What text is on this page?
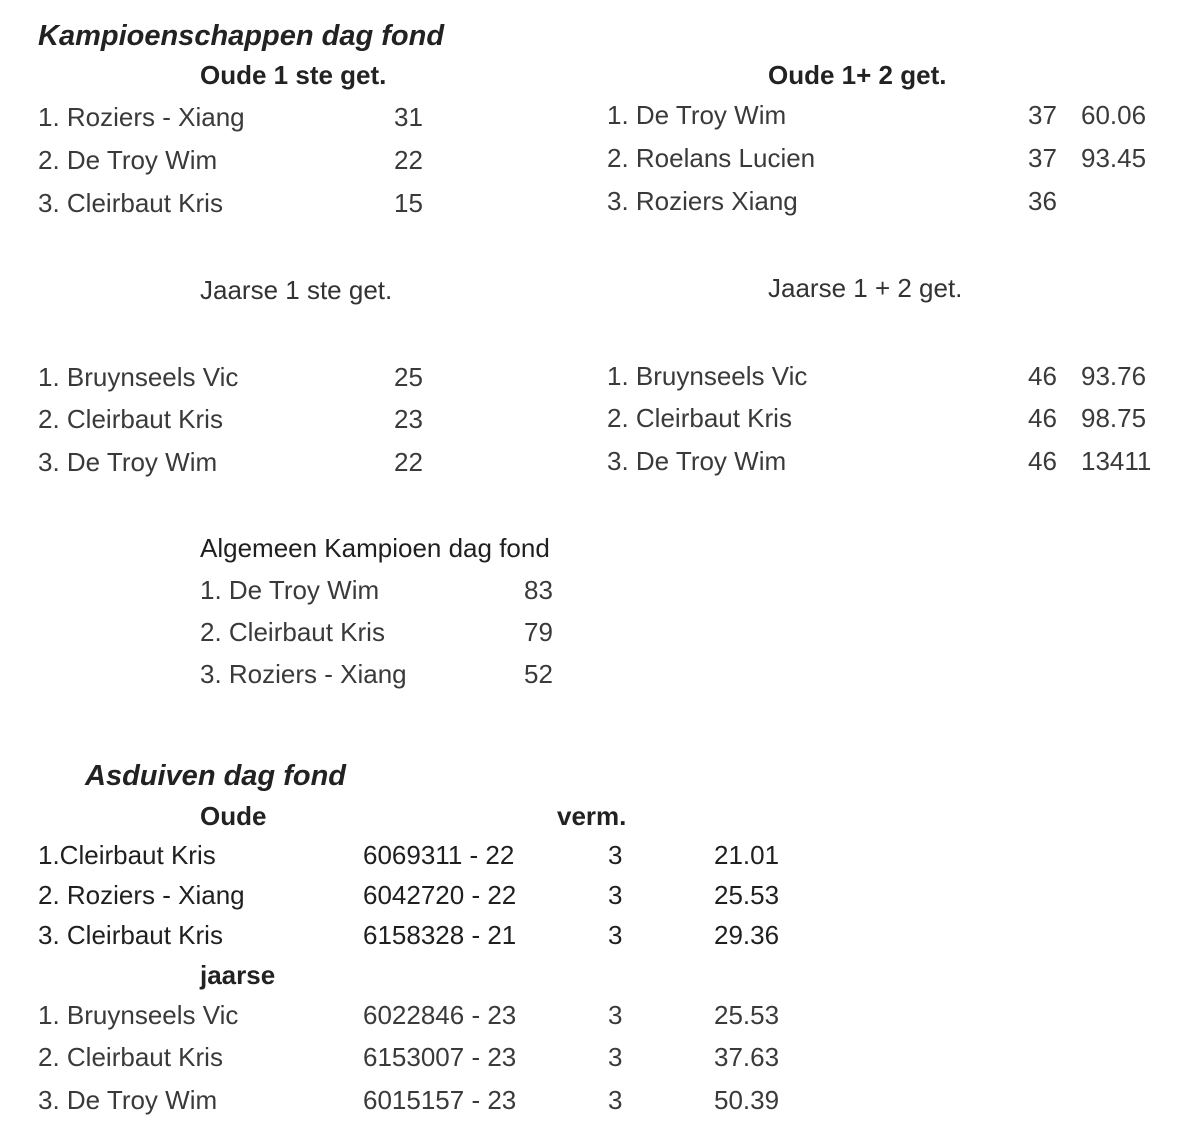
Kampioenschappen dag fond
Oude 1 ste get.
1. Roziers - Xiang	31
2. De Troy Wim	22
3. Cleirbaut Kris	15
Oude 1+ 2 get.
1. De Troy Wim	37 60.06
2. Roelans Lucien	37 93.45
3. Roziers Xiang	36
Jaarse 1 ste get.
1. Bruynseels Vic	25
2. Cleirbaut Kris	23
3. De Troy Wim	22
Jaarse 1 + 2 get.
1. Bruynseels Vic	46 93.76
2. Cleirbaut Kris	46 98.75
3. De Troy Wim	46 13411
Algemeen Kampioen dag fond
1. De Troy Wim	83
2. Cleirbaut Kris	79
3. Roziers - Xiang	52
Asduiven dag fond
Oude	verm.
1.Cleirbaut Kris	6069311 - 22	3	21.01
2. Roziers - Xiang	6042720 - 22	3	25.53
3. Cleirbaut Kris	6158328 - 21	3	29.36
jaarse
1. Bruynseels Vic	6022846 - 23	3	25.53
2. Cleirbaut Kris	6153007 - 23	3	37.63
3. De Troy Wim	6015157 - 23	3	50.39
